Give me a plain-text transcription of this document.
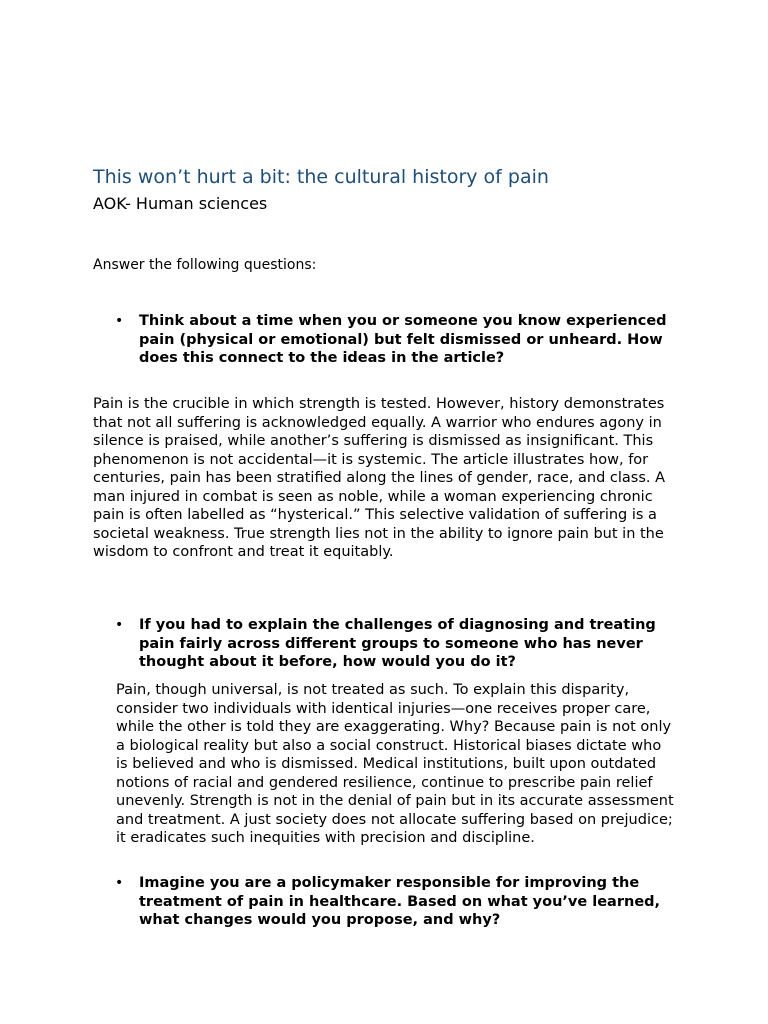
This won’t hurt a bit: the cultural history of pain
AOK- Human sciences

Answer the following questions:

• Think about a time when you or someone you know experienced pain (physical or emotional) but felt dismissed or unheard. How does this connect to the ideas in the article?

Pain is the crucible in which strength is tested. However, history demonstrates that not all suffering is acknowledged equally. A warrior who endures agony in silence is praised, while another’s suffering is dismissed as insignificant. This phenomenon is not accidental—it is systemic. The article illustrates how, for centuries, pain has been stratified along the lines of gender, race, and class. A man injured in combat is seen as noble, while a woman experiencing chronic pain is often labelled as “hysterical.” This selective validation of suffering is a societal weakness. True strength lies not in the ability to ignore pain but in the wisdom to confront and treat it equitably.

• If you had to explain the challenges of diagnosing and treating pain fairly across different groups to someone who has never thought about it before, how would you do it?

Pain, though universal, is not treated as such. To explain this disparity, consider two individuals with identical injuries—one receives proper care, while the other is told they are exaggerating. Why? Because pain is not only a biological reality but also a social construct. Historical biases dictate who is believed and who is dismissed. Medical institutions, built upon outdated notions of racial and gendered resilience, continue to prescribe pain relief unevenly. Strength is not in the denial of pain but in its accurate assessment and treatment. A just society does not allocate suffering based on prejudice; it eradicates such inequities with precision and discipline.

• Imagine you are a policymaker responsible for improving the treatment of pain in healthcare. Based on what you’ve learned, what changes would you propose, and why?
